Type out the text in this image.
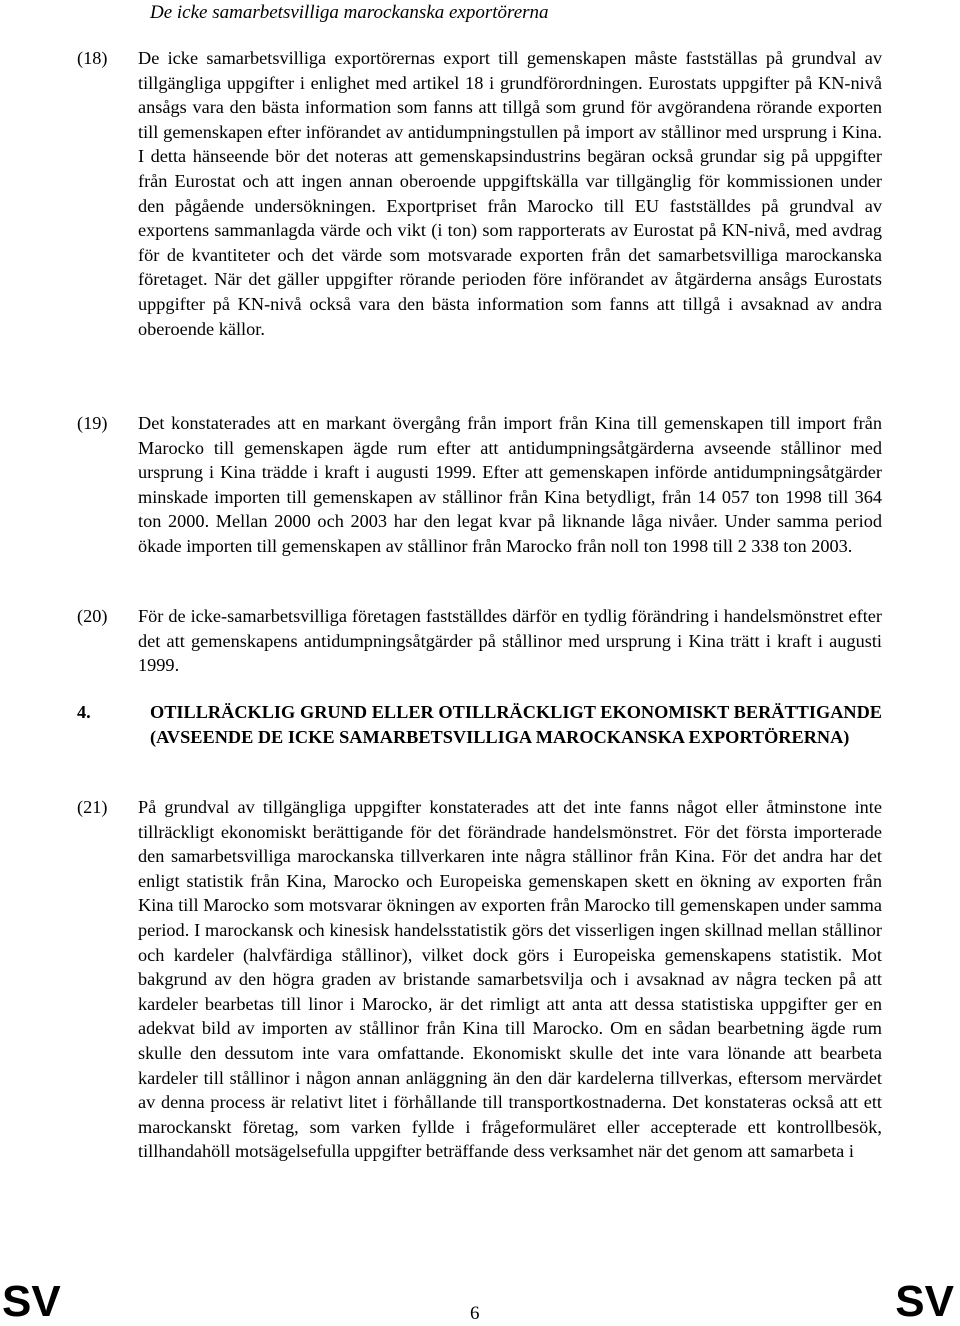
De icke samarbetsvilliga marockanska exportörerna
(18) De icke samarbetsvilliga exportörernas export till gemenskapen måste fastställas på grundval av tillgängliga uppgifter i enlighet med artikel 18 i grundförordningen. Eurostats uppgifter på KN-nivå ansågs vara den bästa information som fanns att tillgå som grund för avgörandena rörande exporten till gemenskapen efter införandet av antidumpningstullen på import av stållinor med ursprung i Kina. I detta hänseende bör det noteras att gemenskapsindustrins begäran också grundar sig på uppgifter från Eurostat och att ingen annan oberoende uppgiftskälla var tillgänglig för kommissionen under den pågående undersökningen. Exportpriset från Marocko till EU fastställdes på grundval av exportens sammanlagda värde och vikt (i ton) som rapporterats av Eurostat på KN-nivå, med avdrag för de kvantiteter och det värde som motsvarade exporten från det samarbetsvilliga marockanska företaget. När det gäller uppgifter rörande perioden före införandet av åtgärderna ansågs Eurostats uppgifter på KN-nivå också vara den bästa information som fanns att tillgå i avsaknad av andra oberoende källor.

(19) Det konstaterades att en markant övergång från import från Kina till gemenskapen till import från Marocko till gemenskapen ägde rum efter att antidumpningsåtgärderna avseende stållinor med ursprung i Kina trädde i kraft i augusti 1999. Efter att gemenskapen införde antidumpningsåtgärder minskade importen till gemenskapen av stållinor från Kina betydligt, från 14 057 ton 1998 till 364 ton 2000. Mellan 2000 och 2003 har den legat kvar på liknande låga nivåer. Under samma period ökade importen till gemenskapen av stållinor från Marocko från noll ton 1998 till 2 338 ton 2003.

(20) För de icke-samarbetsvilliga företagen fastställdes därför en tydlig förändring i handelsmönstret efter det att gemenskapens antidumpningsåtgärder på stållinor med ursprung i Kina trätt i kraft i augusti 1999.

4.	OTILLRÄCKLIG GRUND ELLER OTILLRÄCKLIGT EKONOMISKT BERÄTTIGANDE (AVSEENDE DE ICKE SAMARBETSVILLIGA MAROCKANSKA EXPORTÖRERNA)

(21) På grundval av tillgängliga uppgifter konstaterades att det inte fanns något eller åtminstone inte tillräckligt ekonomiskt berättigande för det förändrade handelsmönstret. För det första importerade den samarbetsvilliga marockanska tillverkaren inte några stållinor från Kina. För det andra har det enligt statistik från Kina, Marocko och Europeiska gemenskapen skett en ökning av exporten från Kina till Marocko som motsvarar ökningen av exporten från Marocko till gemenskapen under samma period. I marockansk och kinesisk handelsstatistik görs det visserligen ingen skillnad mellan stållinor och kardeler (halvfärdiga stållinor), vilket dock görs i Europeiska gemenskapens statistik. Mot bakgrund av den högra graden av bristande samarbetsvilja och i avsaknad av några tecken på att kardeler bearbetas till linor i Marocko, är det rimligt att anta att dessa statistiska uppgifter ger en adekvat bild av importen av stållinor från Kina till Marocko. Om en sådan bearbetning ägde rum skulle den dessutom inte vara omfattande. Ekonomiskt skulle det inte vara lönande att bearbeta kardeler till stållinor i någon annan anläggning än den där kardelerna tillverkas, eftersom mervärdet av denna process är relativt litet i förhållande till transportkostnaderna. Det konstateras också att ett marockanskt företag, som varken fyllde i frågeformuläret eller accepterade ett kontrollbesök, tillhandahöll motsägelsefulla uppgifter beträffande dess verksamhet när det genom att samarbeta i

SV	6	SV
